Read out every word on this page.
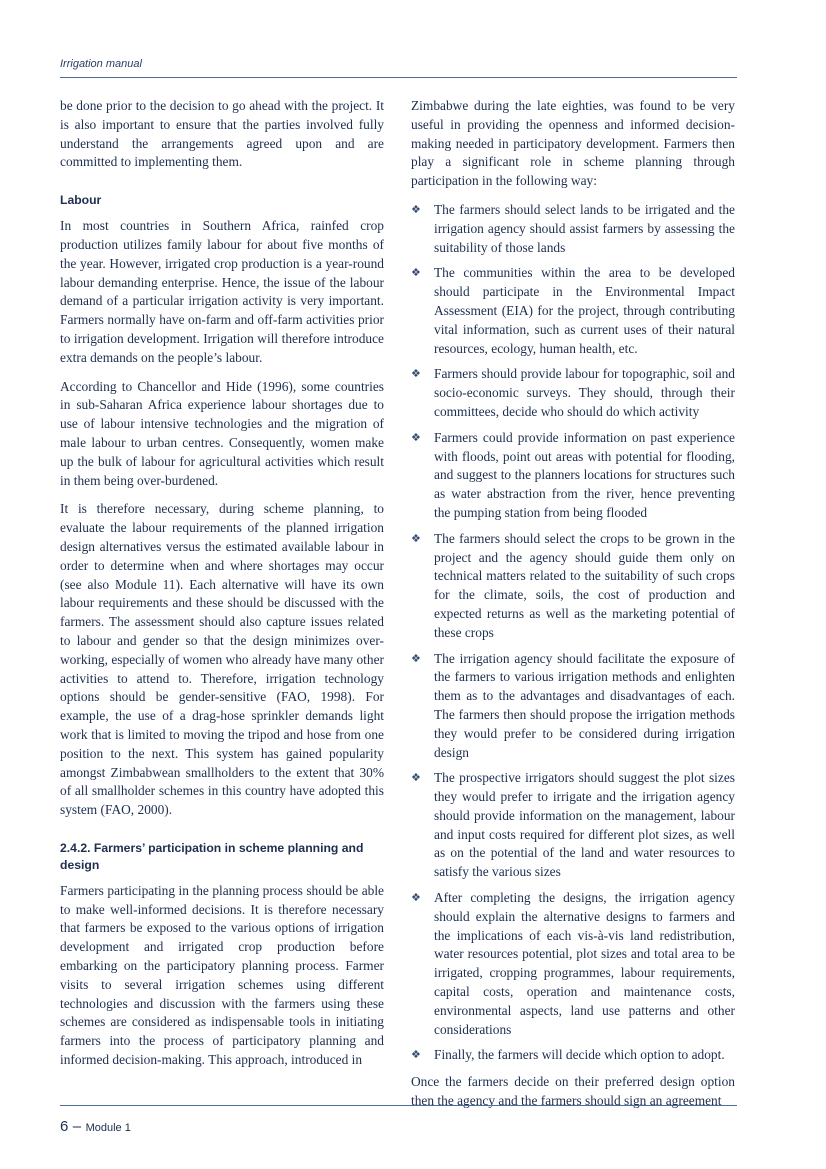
Irrigation manual

be done prior to the decision to go ahead with the project. It is also important to ensure that the parties involved fully understand the arrangements agreed upon and are committed to implementing them.

Labour

In most countries in Southern Africa, rainfed crop production utilizes family labour for about five months of the year. However, irrigated crop production is a year-round labour demanding enterprise. Hence, the issue of the labour demand of a particular irrigation activity is very important. Farmers normally have on-farm and off-farm activities prior to irrigation development. Irrigation will therefore introduce extra demands on the people’s labour.

According to Chancellor and Hide (1996), some countries in sub-Saharan Africa experience labour shortages due to use of labour intensive technologies and the migration of male labour to urban centres. Consequently, women make up the bulk of labour for agricultural activities which result in them being over-burdened.

It is therefore necessary, during scheme planning, to evaluate the labour requirements of the planned irrigation design alternatives versus the estimated available labour in order to determine when and where shortages may occur (see also Module 11). Each alternative will have its own labour requirements and these should be discussed with the farmers. The assessment should also capture issues related to labour and gender so that the design minimizes over-working, especially of women who already have many other activities to attend to. Therefore, irrigation technology options should be gender-sensitive (FAO, 1998). For example, the use of a drag-hose sprinkler demands light work that is limited to moving the tripod and hose from one position to the next. This system has gained popularity amongst Zimbabwean smallholders to the extent that 30% of all smallholder schemes in this country have adopted this system (FAO, 2000).

2.4.2. Farmers’ participation in scheme planning and design

Farmers participating in the planning process should be able to make well-informed decisions. It is therefore necessary that farmers be exposed to the various options of irrigation development and irrigated crop production before embarking on the participatory planning process. Farmer visits to several irrigation schemes using different technologies and discussion with the farmers using these schemes are considered as indispensable tools in initiating farmers into the process of participatory planning and informed decision-making. This approach, introduced in

Zimbabwe during the late eighties, was found to be very useful in providing the openness and informed decision-making needed in participatory development. Farmers then play a significant role in scheme planning through participation in the following way:

❖ The farmers should select lands to be irrigated and the irrigation agency should assist farmers by assessing the suitability of those lands
❖ The communities within the area to be developed should participate in the Environmental Impact Assessment (EIA) for the project, through contributing vital information, such as current uses of their natural resources, ecology, human health, etc.
❖ Farmers should provide labour for topographic, soil and socio-economic surveys. They should, through their committees, decide who should do which activity
❖ Farmers could provide information on past experience with floods, point out areas with potential for flooding, and suggest to the planners locations for structures such as water abstraction from the river, hence preventing the pumping station from being flooded
❖ The farmers should select the crops to be grown in the project and the agency should guide them only on technical matters related to the suitability of such crops for the climate, soils, the cost of production and expected returns as well as the marketing potential of these crops
❖ The irrigation agency should facilitate the exposure of the farmers to various irrigation methods and enlighten them as to the advantages and disadvantages of each. The farmers then should propose the irrigation methods they would prefer to be considered during irrigation design
❖ The prospective irrigators should suggest the plot sizes they would prefer to irrigate and the irrigation agency should provide information on the management, labour and input costs required for different plot sizes, as well as on the potential of the land and water resources to satisfy the various sizes
❖ After completing the designs, the irrigation agency should explain the alternative designs to farmers and the implications of each vis-à-vis land redistribution, water resources potential, plot sizes and total area to be irrigated, cropping programmes, labour requirements, capital costs, operation and maintenance costs, environmental aspects, land use patterns and other considerations
❖ Finally, the farmers will decide which option to adopt.

Once the farmers decide on their preferred design option then the agency and the farmers should sign an agreement

6 – Module 1
